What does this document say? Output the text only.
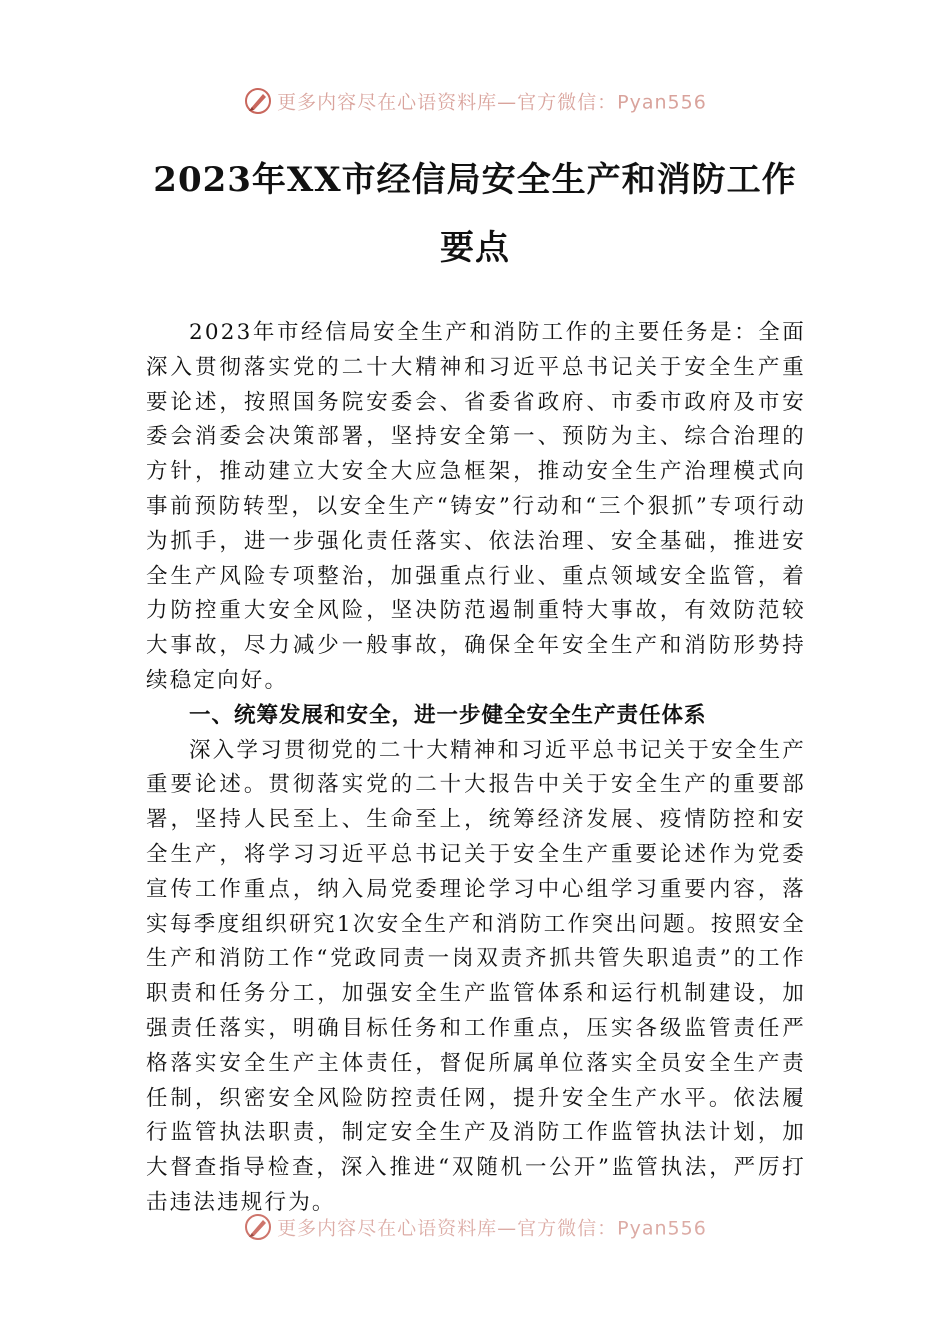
更多内容尽在心语资料库—官方微信：Pyan556
2023年XX市经信局安全生产和消防工作
要点

2023年市经信局安全生产和消防工作的主要任务是：全面深入贯彻落实党的二十大精神和习近平总书记关于安全生产重要论述，按照国务院安委会、省委省政府、市委市政府及市安委会消委会决策部署，坚持安全第一、预防为主、综合治理的方针，推动建立大安全大应急框架，推动安全生产治理模式向事前预防转型，以安全生产“铸安”行动和“三个狠抓”专项行动为抓手，进一步强化责任落实、依法治理、安全基础，推进安全生产风险专项整治，加强重点行业、重点领域安全监管，着力防控重大安全风险，坚决防范遏制重特大事故，有效防范较大事故，尽力减少一般事故，确保全年安全生产和消防形势持续稳定向好。

一、统筹发展和安全，进一步健全安全生产责任体系

深入学习贯彻党的二十大精神和习近平总书记关于安全生产重要论述。贯彻落实党的二十大报告中关于安全生产的重要部署，坚持人民至上、生命至上，统筹经济发展、疫情防控和安全生产，将学习习近平总书记关于安全生产重要论述作为党委宣传工作重点，纳入局党委理论学习中心组学习重要内容，落实每季度组织研究1次安全生产和消防工作突出问题。按照安全生产和消防工作“党政同责一岗双责齐抓共管失职追责”的工作职责和任务分工，加强安全生产监管体系和运行机制建设，加强责任落实，明确目标任务和工作重点，压实各级监管责任严格落实安全生产主体责任，督促所属单位落实全员安全生产责任制，织密安全风险防控责任网，提升安全生产水平。依法履行监管执法职责，制定安全生产及消防工作监管执法计划，加大督查指导检查，深入推进“双随机一公开”监管执法，严厉打击违法违规行为。

更多内容尽在心语资料库—官方微信：Pyan556
